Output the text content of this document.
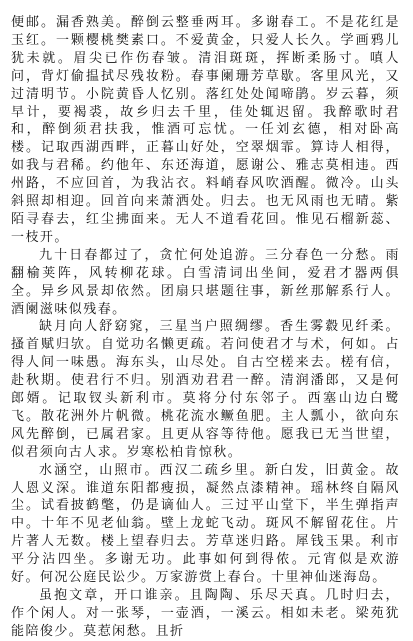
便邮。漏香熟美。醉倒云整垂两耳。多谢春工。不是花红是玉红。一颗樱桃樊素口。不爱黄金，只爱人长久。学画鸦儿犹未就。眉尖已作伤春皱。清泪斑斑，挥断柔肠寸。嗔人问，背灯偷揾拭尽残妆粉。春事阑珊芳草歇。客里风光，又过清明节。小院黄昏人忆别。落红处处闻啼鹃。岁云暮，须早计，要褐裘，故乡归去千里，佳处辄迟留。我醉歌时君和，醉倒须君扶我，惟酒可忘忧。一任刘玄德，相对卧高楼。记取西湖西畔，正暮山好处，空翠烟霏。算诗人相得，如我与君稀。约他年、东还海道，愿谢公、雅志莫相违。西州路，不应回首，为我沾衣。料峭春风吹酒醒。微冷。山头斜照却相迎。回首向来萧洒处。归去。也无风雨也无晴。紫陌寻春去，红尘拂面来。无人不道看花回。惟见石榴新蕊、一枝开。

九十日春都过了，贪忙何处追游。三分春色一分愁。雨翻榆荚阵，风转柳花球。白雪清词出坐间，爱君才器两俱全。异乡风景却依然。团扇只堪题往事，新丝那解系行人。酒阑滋味似残春。

缺月向人舒窈窕，三星当户照绸缪。香生雾縠见纤柔。搔首赋归欤。自觉功名懒更疏。若问使君才与术，何如。占得人间一味愚。海东头，山尽处。自古空槎来去。槎有信，赴秋期。使君行不归。别酒劝君君一醉。清润潘郎，又是何郎婿。记取钗头新利市。莫将分付东邻子。西塞山边白鹭飞。散花洲外片帆微。桃花流水鳜鱼肥。主人瓢小，欲向东风先醉倒，已属君家。且更从容等待他。愿我已无当世望，似君须向古人求。岁寒松柏肯惊秋。

水涵空，山照市。西汉二疏乡里。新白发，旧黄金。故人恩义深。谁道东阳都瘦损，凝然点漆精神。瑶林终自隔风尘。试看披鹤氅，仍是谪仙人。三过平山堂下，半生弹指声中。十年不见老仙翁。壁上龙蛇飞动。斑风不解留花住。片片著人无数。楼上望春归去。芳草迷归路。犀钱玉果。利市平分沾四坐。多谢无功。此事如何到得侬。元宵似是欢游好。何况公庭民讼少。万家游赏上春台。十里神仙迷海岛。

虽抱文章，开口谁亲。且陶陶、乐尽天真。几时归去，作个闲人。对一张琴，一壶酒，一溪云。相如未老。梁苑犹能陪俊少。莫惹闲愁。且折
